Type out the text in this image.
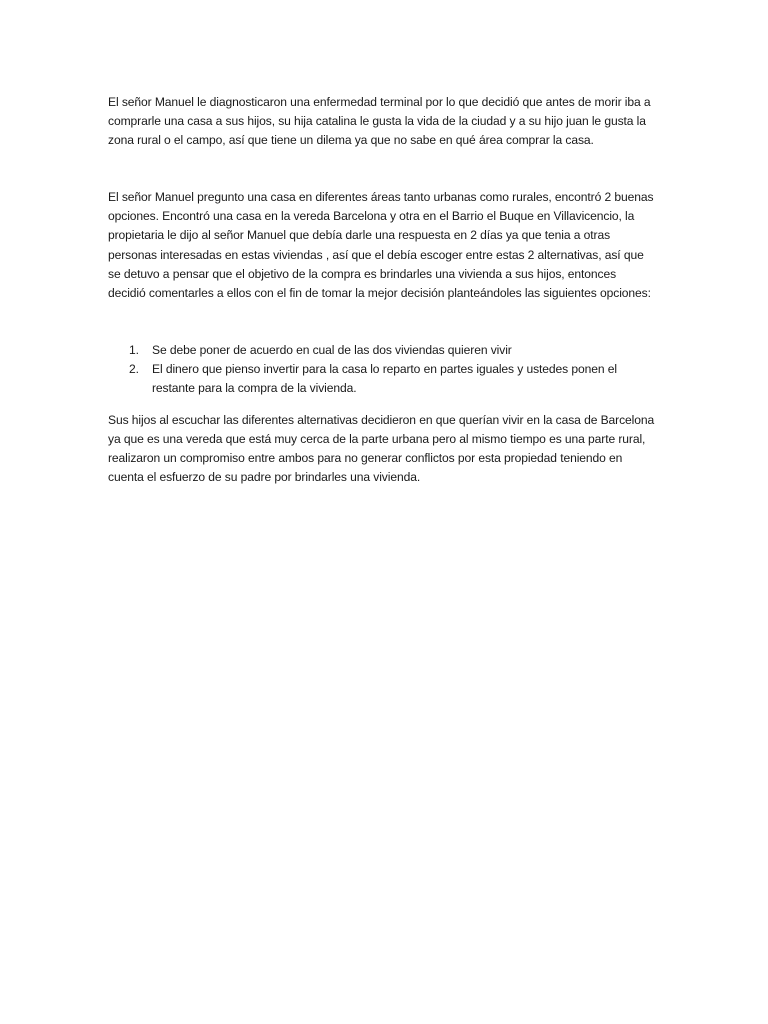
El señor Manuel le diagnosticaron una enfermedad terminal por lo que decidió que antes de morir iba a comprarle una casa a sus hijos, su hija catalina le gusta la vida de la ciudad y a su hijo juan le gusta la zona rural o el campo, así que tiene un dilema ya que no sabe en qué área comprar la casa.

El señor Manuel pregunto una casa en diferentes áreas tanto urbanas como rurales, encontró 2 buenas opciones. Encontró una casa en la vereda Barcelona y otra en el Barrio el Buque en Villavicencio, la propietaria le dijo al señor Manuel que debía darle una respuesta en 2 días ya que tenia a otras personas interesadas en estas viviendas , así que el debía escoger entre estas 2 alternativas, así que se detuvo a pensar que el objetivo de la compra es brindarles una vivienda a sus hijos, entonces decidió comentarles a ellos con el fin de tomar la mejor decisión planteándoles las siguientes opciones:

1. Se debe poner de acuerdo en cual de las dos viviendas quieren vivir
2. El dinero que pienso invertir para la casa lo reparto en partes iguales y ustedes ponen el restante para la compra de la vivienda.

Sus hijos al escuchar las diferentes alternativas decidieron en que querían vivir en la casa de Barcelona ya que es una vereda que está muy cerca de la parte urbana pero al mismo tiempo es una parte rural, realizaron un compromiso entre ambos para no generar conflictos por esta propiedad teniendo en cuenta el esfuerzo de su padre por brindarles una vivienda.
